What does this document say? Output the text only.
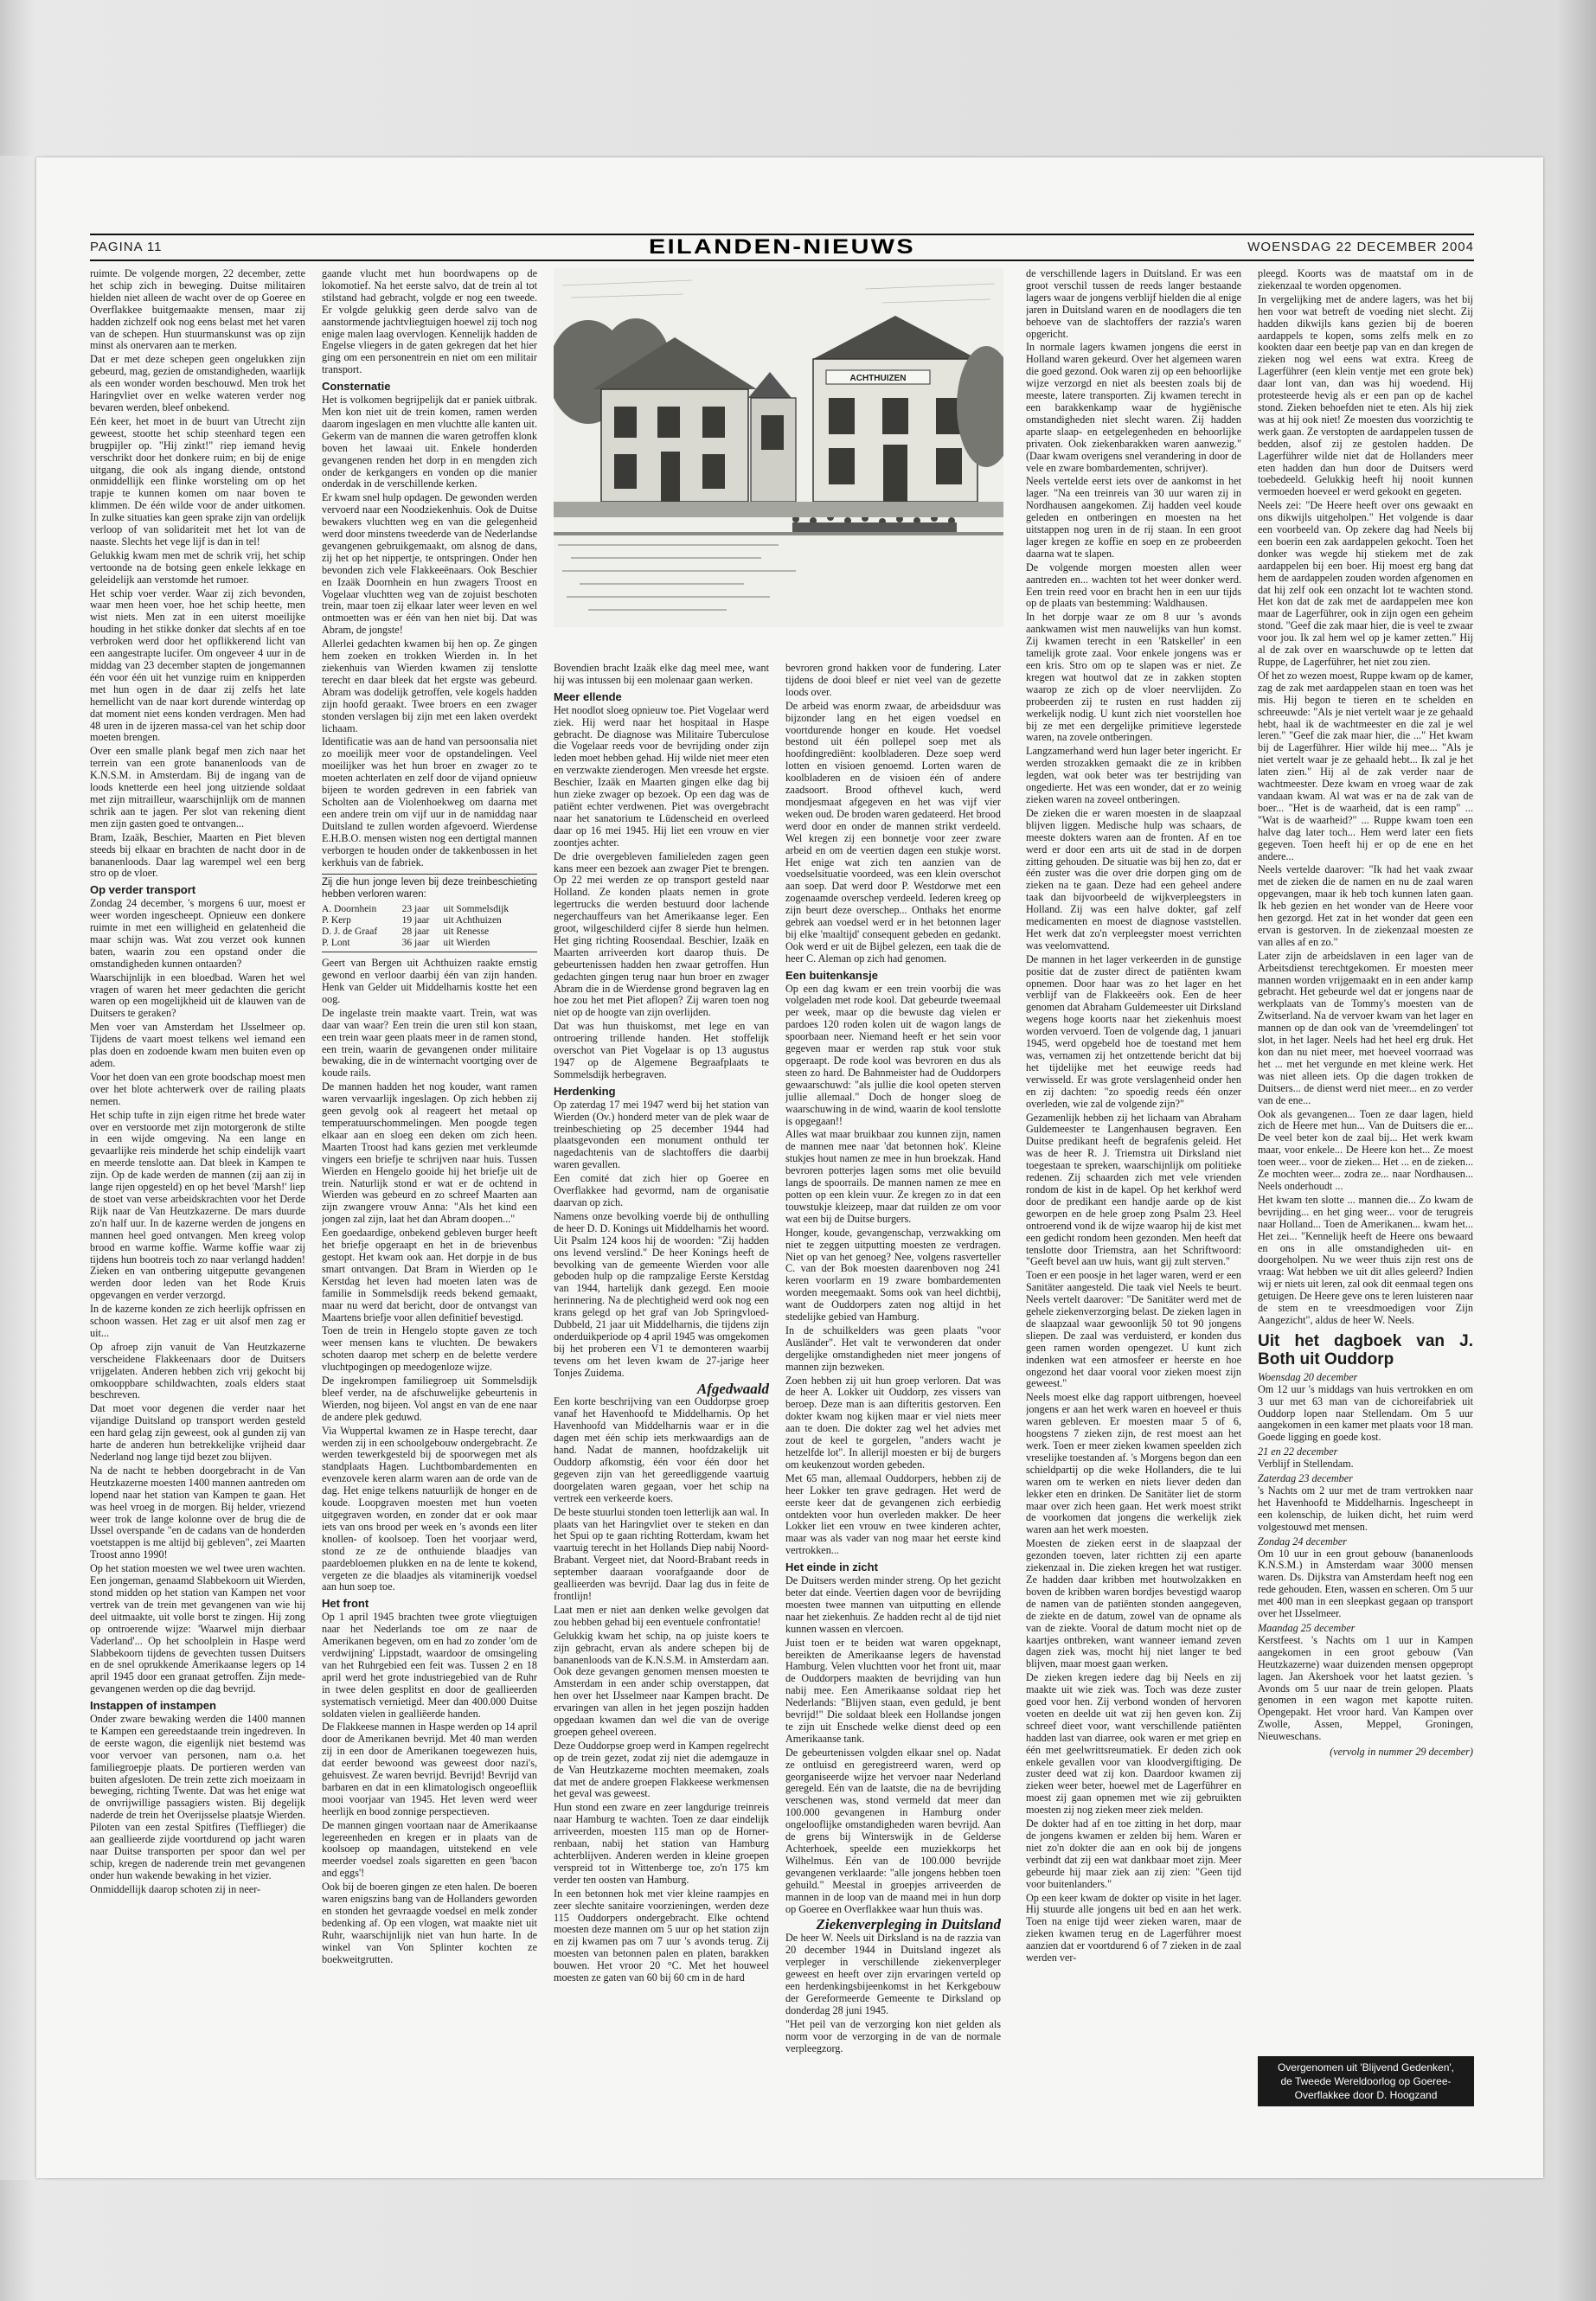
PAGINA 11	EILANDEN-NIEUWS	WOENSDAG 22 DECEMBER 2004

ruimte. De volgende morgen, 22 december, zette het schip zich in beweging. Duitse militairen hielden niet alleen de wacht over de op Goeree en Overflakkee buitgemaakte mensen, maar zij hadden zichzelf ook nog eens belast met het varen van de schepen. Hun stuurmanskunst was op zijn minst als onervaren aan te merken.

Dat er met deze schepen geen ongelukken zijn gebeurd, mag, gezien de omstandigheden, waarlijk als een wonder worden beschouwd. Men trok het Haringvliet over en welke wateren verder nog bevaren werden, bleef onbekend.

Eén keer, het moet in de buurt van Utrecht zijn geweest, stootte het schip steenhard tegen een brugpijler op. "Hij zinkt!" riep iemand hevig verschrikt door het donkere ruim; en bij de enige uitgang, die ook als ingang diende, ontstond onmiddellijk een flinke worsteling om op het trapje te kunnen komen om naar boven te klimmen. De één wilde voor de ander uitkomen. In zulke situaties kan geen sprake zijn van ordelijk verloop of van solidariteit met het lot van de naaste. Slechts het vege lijf is dan in tel!

Gelukkig kwam men met de schrik vrij, het schip vertoonde na de botsing geen enkele lekkage en geleidelijk aan verstomde het rumoer.

Het schip voer verder. Waar zij zich bevonden, waar men heen voer, hoe het schip heette, men wist niets. Men zat in een uiterst moeilijke houding in het stikke donker dat slechts af en toe verbroken werd door het opflikkerend licht van een aangestrapte lucifer. Om ongeveer 4 uur in de middag van 23 december stapten de jongemannen één voor één uit het vunzige ruim en knipperden met hun ogen in de daar zij zelfs het late hemellicht van de naar kort durende winterdag op dat moment niet eens konden verdragen. Men had 48 uren in de ijzeren massa-cel van het schip door moeten brengen.

Over een smalle plank begaf men zich naar het terrein van een grote bananenloods van de K.N.S.M. in Amsterdam. Bij de ingang van de loods knetterde een heel jong uitziende soldaat met zijn mitrailleur, waarschijnlijk om de mannen schrik aan te jagen. Per slot van rekening dient men zijn gasten goed te ontvangen...

Bram, Izaäk, Beschier, Maarten en Piet bleven steeds bij elkaar en brachten de nacht door in de bananenloods. Daar lag warempel wel een berg stro op de vloer.

Op verder transport

Zondag 24 december, 's morgens 6 uur, moest er weer worden ingescheept. Opnieuw een donkere ruimte in met een willigheid en gelatenheid die maar schijn was. Wat zou verzet ook kunnen baten, waarin zou een opstand onder die omstandigheden kunnen ontaarden?

Waarschijnlijk in een bloedbad. Waren het wel vragen of waren het meer gedachten die gericht waren op een mogelijkheid uit de klauwen van de Duitsers te geraken?

Men voer van Amsterdam het IJsselmeer op. Tijdens de vaart moest telkens wel iemand een plas doen en zodoende kwam men buiten even op adem.

Voor het doen van een grote boodschap moest men over het blote achterwerk over de railing plaats nemen.

Het schip tufte in zijn eigen ritme het brede water over en verstoorde met zijn motorgeronk de stilte in een wijde omgeving. Na een lange en gevaarlijke reis minderde het schip eindelijk vaart en meerde tenslotte aan. Dat bleek in Kampen te zijn. Op de kade werden de mannen (zij aan zij in lange rijen opgesteld) en op het bevel 'Marsh!' liep de stoet van verse arbeidskrachten voor het Derde Rijk naar de Van Heutzkazerne. De mars duurde zo'n half uur. In de kazerne werden de jongens en mannen heel goed ontvangen. Men kreeg volop brood en warme koffie. Warme koffie waar zij tijdens hun bootreis toch zo naar verlangd hadden! Zieken en van ontbering uitgeputte gevangenen werden door leden van het Rode Kruis opgevangen en verder verzorgd.

In de kazerne konden ze zich heerlijk opfrissen en schoon wassen. Het zag er uit alsof men zag er uit...

Op afroep zijn vanuit de Van Heutzkazerne verscheidene Flakkeenaars door de Duitsers vrijgelaten. Anderen hebben zich vrij gekocht bij omkooppbare schildwachten, zoals elders staat beschreven.

Dat moet voor degenen die verder naar het vijandige Duitsland op transport werden gesteld een hard gelag zijn geweest, ook al gunden zij van harte de anderen hun betrekkelijke vrijheid daar Nederland nog lange tijd bezet zou blijven.

Na de nacht te hebben doorgebracht in de Van Heutzkazerne moesten 1400 mannen aantreden om lopend naar het station van Kampen te gaan. Het was heel vroeg in de morgen. Bij helder, vriezend weer trok de lange kolonne over de brug die de IJssel overspande "en de cadans van de honderden voetstappen is me altijd bij gebleven", zei Maarten Troost anno 1990!

Op het station moesten we wel twee uren wachten. Een jongeman, genaamd Slabbekoorn uit Wierden, stond midden op het station van Kampen net voor vertrek van de trein met gevangenen van wie hij deel uitmaakte, uit volle borst te zingen. Hij zong op ontroerende wijze: 'Waarwel mijn dierbaar Vaderland'... Op het schoolplein in Haspe werd Slabbekoorn tijdens de gevechten tussen Duitsers en de snel oprukkende Amerikaanse legers op 14 april 1945 door een granaat getroffen. Zijn mede-gevangenen werden op die dag bevrijd.

Instappen of instampen

Onder zware bewaking werden die 1400 mannen te Kampen een gereedstaande trein ingedreven. In de eerste wagon, die eigenlijk niet bestemd was voor vervoer van personen, nam o.a. het familiegroepje plaats. De portieren werden van buiten afgesloten. De trein zette zich moeizaam in beweging, richting Twente. Dat was het enige wat de onvrijwillige passagiers wisten. Bij degelijk naderde de trein het Overijsselse plaatsje Wierden. Piloten van een zestal Spitfires (Tiefflieger) die aan geallieerde zijde voortdurend op jacht waren naar Duitse transporten per spoor dan wel per schip, kregen de naderende trein met gevangenen onder hun wakende bewaking in het vizier.

Onmiddellijk daarop schoten zij in neer-

gaande vlucht met hun boordwapens op de lokomotief. Na het eerste salvo, dat de trein al tot stilstand had gebracht, volgde er nog een tweede. Er volgde gelukkig geen derde salvo van de aanstormende jachtvliegtuigen hoewel zij toch nog enige malen laag overvlogen. Kennelijk hadden de Engelse vliegers in de gaten gekregen dat het hier ging om een personentrein en niet om een militair transport.

Consternatie

Het is volkomen begrijpelijk dat er paniek uitbrak. Men kon niet uit de trein komen, ramen werden daarom ingeslagen en men vluchtte alle kanten uit. Gekerm van de mannen die waren getroffen klonk boven het lawaai uit. Enkele honderden gevangenen renden het dorp in en mengden zich onder de kerkgangers en vonden op die manier onderdak in de verschillende kerken.

Er kwam snel hulp opdagen. De gewonden werden vervoerd naar een Noodziekenhuis. Ook de Duitse bewakers vluchtten weg en van die gelegenheid werd door minstens tweederde van de Nederlandse gevangenen gebruikgemaakt, om alsnog de dans, zij het op het nippertje, te ontspringen. Onder hen bevonden zich vele Flakkeeënaars. Ook Beschier en Izaäk Doornhein en hun zwagers Troost en Vogelaar vluchtten weg van de zojuist beschoten trein, maar toen zij elkaar later weer leven en wel ontmoetten was er één van hen niet bij. Dat was Abram, de jongste!

Allerlei gedachten kwamen bij hen op. Ze gingen hem zoeken en trokken Wierden in. In het ziekenhuis van Wierden kwamen zij tenslotte terecht en daar bleek dat het ergste was gebeurd. Abram was dodelijk getroffen, vele kogels hadden zijn hoofd geraakt. Twee broers en een zwager stonden verslagen bij zijn met een laken overdekt lichaam.

Identificatie was aan de hand van persoonsalia niet zo moeilijk meer voor de opstandelingen. Veel moeilijker was het hun broer en zwager zo te moeten achterlaten en zelf door de vijand opnieuw bijeen te worden gedreven in een fabriek van Scholten aan de Violenhoekweg om daarna met een andere trein om vijf uur in de namiddag naar Duitsland te zullen worden afgevoerd. Wierdense E.H.B.O. mensen wisten nog een dertigtal mannen verborgen te houden onder de takkenbossen in het kerkhuis van de fabriek.

Zij die hun jonge leven bij deze treinbeschieting hebben verloren waren:
A. Doornhein	23 jaar	uit Sommelsdijk
P. Kerp	19 jaar	uit Achthuizen
D. J. de Graaf	28 jaar	uit Renesse
P. Lont	36 jaar	uit Wierden

Geert van Bergen uit Achthuizen raakte ernstig gewond en verloor daarbij één van zijn handen. Henk van Gelder uit Middelharnis kostte het een oog.

De ingelaste trein maakte vaart. Trein, wat was daar van waar? Een trein die uren stil kon staan, een trein waar geen plaats meer in de ramen stond, een trein, waarin de gevangenen onder militaire bewaking, die in de winternacht voortging over de koude rails.

De mannen hadden het nog kouder, want ramen waren vervaarlijk ingeslagen. Op zich hebben zij geen gevolg ook al reageert het metaal op temperatuurschommelingen. Men poogde tegen elkaar aan en sloeg een deken om zich heen. Maarten Troost had kans gezien met verkleumde vingers een briefje te schrijven naar huis. Tussen Wierden en Hengelo gooide hij het briefje uit de trein. Naturlijk stond er wat er de ochtend in Wierden was gebeurd en zo schreef Maarten aan zijn zwangere vrouw Anna: "Als het kind een jongen zal zijn, laat het dan Abram doopen..."

Een goedaardige, onbekend gebleven burger heeft het briefje opgeraapt en het in de brievenbus gestopt. Het kwam ook aan. Het dorpje in de bus smart ontvangen. Dat Bram in Wierden op 1e Kerstdag het leven had moeten laten was de familie in Sommelsdijk reeds bekend gemaakt, maar nu werd dat bericht, door de ontvangst van Maartens briefje voor allen definitief bevestigd.

Toen de trein in Hengelo stopte gaven ze toch weer mensen kans te vluchten. De bewakers schoten daarop met scherp en de belette verdere vluchtpogingen op meedogenloze wijze.

De ingekrompen familiegroep uit Sommelsdijk bleef verder, na de afschuwelijke gebeurtenis in Wierden, nog bijeen. Vol angst en van de ene naar de andere plek geduwd.

Via Wuppertal kwamen ze in Haspe terecht, daar werden zij in een schoolgebouw ondergebracht. Ze werden tewerkgesteld bij de spoorwegen met als standplaats Hagen. Luchtbombardementen en evenzovele keren alarm waren aan de orde van de dag. Het enige telkens natuurlijk de honger en de koude. Loopgraven moesten met hun voeten uitgegraven worden, en zonder dat er ook maar iets van ons brood per week en 's avonds een liter knollen- of koolsoep. Toen het voorjaar werd, stond ze ze de onthuiende blaadjes van paardebloemen plukken en na de lente te kokend, vergeten ze die blaadjes als vitaminerijk voedsel aan hun soep toe.

Het front

Op 1 april 1945 brachten twee grote vliegtuigen naar het Nederlands toe om ze naar de Amerikanen begeven, om en had zo zonder 'om de verdwijning' Lippstadt, waardoor de omsingeling van het Ruhrgebied een feit was. Tussen 2 en 18 april werd het grote industriegebied van de Ruhr in twee delen gesplitst en door de geallieerden systematisch vernietigd. Meer dan 400.000 Duitse soldaten vielen in gealliëerde handen.

De Flakkeese mannen in Haspe werden op 14 april door de Amerikanen bevrijd. Met 40 man werden zij in een door de Amerikanen toegewezen huis, dat eerder bewoond was geweest door nazi's, gehuisvest. Ze waren bevrijd. Bevrijd! Bevrijd van barbaren en dat in een klimatologisch ongeoefliik mooi voorjaar van 1945. Het leven werd weer heerlijk en bood zonnige perspectieven.

De mannen gingen voortaan naar de Amerikaanse legereenheden en kregen er in plaats van de koolsoep op maandagen, uitstekend en vele meerder voedsel zoals sigaretten en geen 'bacon and eggs'!

Ook bij de boeren gingen ze eten halen. De boeren waren enigszins bang van de Hollanders geworden en stonden het gevraagde voedsel en melk zonder bedenking af. Op een vlogen, wat maakte niet uit Ruhr, waarschijnlijk niet van hun harte. In de winkel van Von Splinter kochten ze boekweitgrutten.

ACHTHUIZEN

Bovendien bracht Izaäk elke dag meel mee, want hij was intussen bij een molenaar gaan werken.

Meer ellende

Het noodlot sloeg opnieuw toe. Piet Vogelaar werd ziek. Hij werd naar het hospitaal in Haspe gebracht. De diagnose was Militaire Tuberculose die Vogelaar reeds voor de bevrijding onder zijn leden moet hebben gehad. Hij wilde niet meer eten en verzwakte zienderogen. Men vreesde het ergste. Beschier, Izaäk en Maarten gingen elke dag bij hun zieke zwager op bezoek. Op een dag was de patiënt echter verdwenen. Piet was overgebracht naar het sanatorium te Lüdenscheid en overleed daar op 16 mei 1945. Hij liet een vrouw en vier zoontjes achter.

De drie overgebleven familieleden zagen geen kans meer een bezoek aan zwager Piet te brengen. Op 22 mei werden ze op transport gesteld naar Holland. Ze konden plaats nemen in grote legertrucks die werden bestuurd door lachende negerchauffeurs van het Amerikaanse leger. Een groot, wilgeschilderd cijfer 8 sierde hun helmen. Het ging richting Roosendaal. Beschier, Izaäk en Maarten arriveerden kort daarop thuis. De gebeurtenissen hadden hen zwaar getroffen. Hun gedachten gingen terug naar hun broer en zwager Abram die in de Wierdense grond begraven lag en hoe zou het met Piet aflopen? Zij waren toen nog niet op de hoogte van zijn overlijden.

Dat was hun thuiskomst, met lege en van ontroering trillende handen. Het stoffelijk overschot van Piet Vogelaar is op 13 augustus 1947 op de Algemene Begraafplaats te Sommelsdijk herbegraven.

Herdenking

Op zaterdag 17 mei 1947 werd bij het station van Wierden (Ov.) honderd meter van de plek waar de treinbeschieting op 25 december 1944 had plaatsgevonden een monument onthuld ter nagedachtenis van de slachtoffers die daarbij waren gevallen.

Een comité dat zich hier op Goeree en Overflakkee had gevormd, nam de organisatie daarvan op zich.

Namens onze bevolking voerde bij de onthulling de heer D. D. Konings uit Middelharnis het woord. Uit Psalm 124 koos hij de woorden: "Zij hadden ons levend verslind." De heer Konings heeft de bevolking van de gemeente Wierden voor alle geboden hulp op die rampzalige Eerste Kerstdag van 1944, hartelijk dank gezegd. Een mooie herinnering. Na de plechtigheid werd ook nog een krans gelegd op het graf van Job Springvloed-Dubbeld, 21 jaar uit Middelharnis, die tijdens zijn onderduikperiode op 4 april 1945 was omgekomen bij het proberen een V1 te demonteren waarbij tevens om het leven kwam de 27-jarige heer Tonjes Zuidema.

Afgedwaald

Een korte beschrijving van een Ouddorpse groep vanaf het Havenhoofd te Middelharnis. Op het Havenhoofd van Middelharnis waar er in die dagen met één schip iets merkwaardigs aan de hand. Nadat de mannen, hoofdzakelijk uit Ouddorp afkomstig, één voor één door het gegeven zijn van het gereedliggende vaartuig doorgelaten waren gegaan, voer het schip na vertrek een verkeerde koers.

De beste stuurlui stonden toen letterlijk aan wal. In plaats van het Haringvliet over te steken en dan het Spui op te gaan richting Rotterdam, kwam het vaartuig terecht in het Hollands Diep nabij Noord-Brabant. Vergeet niet, dat Noord-Brabant reeds in september daaraan voorafgaande door de geallieerden was bevrijd. Daar lag dus in feite de frontlijn!

Laat men er niet aan denken welke gevolgen dat zou hebben gehad bij een eventuele confrontatie!

Gelukkig kwam het schip, na op juiste koers te zijn gebracht, ervan als andere schepen bij de bananenloods van de K.N.S.M. in Amsterdam aan. Ook deze gevangen genomen mensen moesten te Amsterdam in een ander schip overstappen, dat hen over het IJsselmeer naar Kampen bracht. De ervaringen van allen in het jegen poszijn hadden opgedaan kwamen dan wel die van de overige groepen geheel overeen.

Deze Ouddorpse groep werd in Kampen regelrecht op de trein gezet, zodat zij niet die ademgauze in de Van Heutzkazerne mochten meemaken, zoals dat met de andere groepen Flakkeese werkmensen het geval was geweest.

Hun stond een zware en zeer langdurige treinreis naar Hamburg te wachten. Toen ze daar eindelijk arriveerden, moesten 115 man op de Horner-renbaan, nabij het station van Hamburg achterblijven. Anderen werden in kleine groepen verspreid tot in Wittenberge toe, zo'n 175 km verder ten oosten van Hamburg.

In een betonnen hok met vier kleine raampjes en zeer slechte sanitaire voorzieningen, werden deze 115 Ouddorpers ondergebracht. Elke ochtend moesten deze mannen om 5 uur op het station zijn en zij kwamen pas om 7 uur 's avonds terug. Zij moesten van betonnen palen en platen, barakken bouwen. Het vroor 20 °C. Met het houweel moesten ze gaten van 60 bij 60 cm in de hard

bevroren grond hakken voor de fundering. Later tijdens de dooi bleef er niet veel van de gezette loods over.

De arbeid was enorm zwaar, de arbeidsduur was bijzonder lang en het eigen voedsel en voortdurende honger en koude. Het voedsel bestond uit één pollepel soep met als hoofdingrediënt: koolbladeren. Deze soep werd lotten en visioen genoemd. Lorten waren de koolbladeren en de visioen één of andere zaadsoort. Brood ofthevel kuch, werd mondjesmaat afgegeven en het was vijf vier weken oud. De broden waren gedateerd. Het brood werd door en onder de mannen strikt verdeeld. Wel kregen zij een bonnetje voor zeer zware arbeid en om de veertien dagen een stukje worst. Het enige wat zich ten aanzien van de voedselsituatie voordeed, was een klein overschot aan soep. Dat werd door P. Westdorwe met een zogenaamde overschep verdeeld. Iederen kreeg op zijn beurt deze overschep... Onthaks het enorme gebrek aan voedsel werd er in het betonnen lager bij elke 'maaltijd' consequent gebeden en gedankt. Ook werd er uit de Bijbel gelezen, een taak die de heer C. Aleman op zich had genomen.

Een buitenkansje

Op een dag kwam er een trein voorbij die was volgeladen met rode kool. Dat gebeurde tweemaal per week, maar op die bewuste dag vielen er pardoes 120 roden kolen uit de wagon langs de spoorbaan neer. Niemand heeft er het sein voor gegeven maar er werden rap stuk voor stuk opgeraapt. De rode kool was bevroren en dus als steen zo hard. De Bahnmeister had de Ouddorpers gewaarschuwd: "als jullie die kool opeten sterven jullie allemaal." Doch de honger sloeg de waarschuwing in de wind, waarin de kool tenslotte is opgegaan!!

Alles wat maar bruikbaar zou kunnen zijn, namen de mannen mee naar 'dat betonnen hok'. Kleine stukjes hout namen ze mee in hun broekzak. Hand bevroren potterjes lagen soms met olie bevuild langs de spoorrails. De mannen namen ze mee en potten op een klein vuur. Ze kregen zo in dat een touwstukje kleizeep, maar dat ruilden ze om voor wat een bij de Duitse burgers.

Honger, koude, gevangenschap, verzwakking om niet te zeggen uitputting moesten ze verdragen. Niet op van het genoeg? Nee, volgens rasverteller C. van der Bok moesten daarenboven nog 241 keren voorlarm en 19 zware bombardementen worden meegemaakt. Soms ook van heel dichtbij, want de Ouddorpers zaten nog altijd in het stedelijke gebied van Hamburg.

In de schuilkelders was geen plaats "voor Ausländer". Het valt te verwonderen dat onder dergelijke omstandigheden niet meer jongens of mannen zijn bezweken.

Zoen hebben zij uit hun groep verloren. Dat was de heer A. Lokker uit Ouddorp, zes vissers van beroep. Deze man is aan difteritis gestorven. Een dokter kwam nog kijken maar er viel niets meer aan te doen. Die dokter zag wel het advies met zout de keel te gorgelen, "anders wacht je hetzelfde lot". In allerijl moesten er bij de burgers om keukenzout worden gebeden.

Met 65 man, allemaal Ouddorpers, hebben zij de heer Lokker ten grave gedragen. Het werd de eerste keer dat de gevangenen zich eerbiedig ontdekten voor hun overleden makker. De heer Lokker liet een vrouw en twee kinderen achter, maar was als vader van nog maar het eerste kind vertrokken...

Het einde in zicht

De Duitsers werden minder streng. Op het gezicht beter dat einde. Veertien dagen voor de bevrijding moesten twee mannen van uitputting en ellende naar het ziekenhuis. Ze hadden recht al de tijd niet kunnen wassen en vlercoen.

Juist toen er te beiden wat waren opgeknapt, bereikten de Amerikaanse legers de havenstad Hamburg. Velen vluchtten voor het front uit, maar de Ouddorpers maakten de bevrijding van hun nabij mee. Een Amerikaanse soldaat riep het Nederlands: "Blijven staan, even geduld, je bent bevrijd!" Die soldaat bleek een Hollandse jongen te zijn uit Enschede welke dienst deed op een Amerikaanse tank.

De gebeurtenissen volgden elkaar snel op. Nadat ze ontluisd en geregistreerd waren, werd op georganiseerde wijze het vervoer naar Nederland geregeld. Eén van de laatste, die na de bevrijding verschenen was, stond vermeld dat meer dan 100.000 gevangenen in Hamburg onder ongelooflijke omstandigheden waren bevrijd. Aan de grens bij Winterswijk in de Gelderse Achterhoek, speelde een muziekkorps het Wilhelmus. Eén van de 100.000 bevrijde gevangenen verklaarde: "alle jongens hebben toen gehuild." Meestal in groepjes arriveerden de mannen in de loop van de maand mei in hun dorp op Goeree en Overflakkee waar hun thuis was.

Ziekenverpleging in Duitsland

De heer W. Neels uit Dirksland is na de razzia van 20 december 1944 in Duitsland ingezet als verpleger in verschillende ziekenverpleger geweest en heeft over zijn ervaringen verteld op een herdenkingsbijeenkomst in het Kerkgebouw der Gereformeerde Gemeente te Dirksland op donderdag 28 juni 1945.

"Het peil van de verzorging kon niet gelden als norm voor de verzorging in de van de normale verpleegzorg.

de verschillende lagers in Duitsland. Er was een groot verschil tussen de reeds langer bestaande lagers waar de jongens verblijf hielden die al enige jaren in Duitsland waren en de noodlagers die ten behoeve van de slachtoffers der razzia's waren opgericht.

In normale lagers kwamen jongens die eerst in Holland waren gekeurd. Over het algemeen waren die goed gezond. Ook waren zij op een behoorlijke wijze verzorgd en niet als beesten zoals bij de meeste, latere transporten. Zij kwamen terecht in een barakkenkamp waar de hygiënische omstandigheden niet slecht waren. Zij hadden aparte slaap- en eetgelegenheden en behoorlijke privaten. Ook ziekenbarakken waren aanwezig." (Daar kwam overigens snel verandering in door de vele en zware bombardementen, schrijver).

Neels vertelde eerst iets over de aankomst in het lager. "Na een treinreis van 30 uur waren zij in Nordhausen aangekomen. Zij hadden veel koude geleden en ontberingen en moesten na het uitstappen nog uren in de rij staan. In een groot lager kregen ze koffie en soep en ze probeerden daarna wat te slapen.

De volgende morgen moesten allen weer aantreden en... wachten tot het weer donker werd. Een trein reed voor en bracht hen in een uur tijds op de plaats van bestemming: Waldhausen.

In het dorpje waar ze om 8 uur 's avonds aankwamen wist men nauwelijks van hun komst. Zij kwamen terecht in een 'Ratskeller' in een tamelijk grote zaal. Voor enkele jongens was er een kris. Stro om op te slapen was er niet. Ze kregen wat houtwol dat ze in zakken stopten waarop ze zich op de vloer neervlijden. Zo probeerden zij te rusten en rust hadden zij werkelijk nodig. U kunt zich niet voorstellen hoe bij ze met een dergelijke primitieve legerstede waren, na zovele ontberingen.

Langzamerhand werd hun lager beter ingericht. Er werden strozakken gemaakt die ze in kribben legden, wat ook beter was ter bestrijding van ongedierte. Het was een wonder, dat er zo weinig zieken waren na zoveel ontberingen.

De zieken die er waren moesten in de slaapzaal blijven liggen. Medische hulp was schaars, de meeste dokters waren aan de fronten. Af en toe werd er door een arts uit de stad in de dorpen zitting gehouden. De situatie was bij hen zo, dat er één zuster was die over drie dorpen ging om de zieken na te gaan. Deze had een geheel andere taak dan bijvoorbeeld de wijkverpleegsters in Holland. Zij was een halve dokter, gaf zelf medicamenten en moest de diagnose vaststellen. Het werk dat zo'n verpleegster moest verrichten was veelomvattend.

De mannen in het lager verkeerden in de gunstige positie dat de zuster direct de patiënten kwam opnemen. Door haar was zo het lager en het verblijf van de Flakkeeërs ook. Een de heer genomen dat Abraham Guldemeester uit Dirksland wegens hoge koorts naar het ziekenhuis moest worden vervoerd. Toen de volgende dag, 1 januari 1945, werd opgebeld hoe de toestand met hem was, vernamen zij het ontzettende bericht dat bij het tijdelijke met het eeuwige reeds had verwisseld. Er was grote verslagenheid onder hen en zij dachten: "zo spoedig reeds één onzer overleden, wie zal de volgende zijn?"

Gezamenlijk hebben zij het lichaam van Abraham Guldemeester te Langenhausen begraven. Een Duitse predikant heeft de begrafenis geleid. Het was de heer R. J. Triemstra uit Dirksland niet toegestaan te spreken, waarschijnlijk om politieke redenen. Zij schaarden zich met vele vrienden rondom de kist in de kapel. Op het kerkhof werd door de predikant een handje aarde op de kist geworpen en de hele groep zong Psalm 23. Heel ontroerend vond ik de wijze waarop hij de kist met een gedicht rondom heen gezonden. Men heeft dat tenslotte door Triemstra, aan het Schriftwoord: "Geeft bevel aan uw huis, want gij zult sterven."

Toen er een poosje in het lager waren, werd er een Sanitäter aangesteld. Die taak viel Neels te beurt. Neels vertelt daarover: "De Sanitäter werd met de gehele ziekenverzorging belast. De zieken lagen in de slaapzaal waar gewoonlijk 50 tot 90 jongens sliepen. De zaal was verduisterd, er konden dus geen ramen worden opengezet. U kunt zich indenken wat een atmosfeer er heerste en hoe ongezond het daar vooral voor zieken moest zijn geweest."

Neels moest elke dag rapport uitbrengen, hoeveel jongens er aan het werk waren en hoeveel er thuis waren gebleven. Er moesten maar 5 of 6, hoogstens 7 zieken zijn, de rest moest aan het werk. Toen er meer zieken kwamen speelden zich vreselijke toestanden af. 's Morgens begon dan een schieldpartij op die weke Hollanders, die te lui waren om te werken en niets liever deden dan lekker eten en drinken. De Sanitäter liet de storm maar over zich heen gaan. Het werk moest strikt de voorkomen dat jongens die werkelijk ziek waren aan het werk moesten.

Moesten de zieken eerst in de slaapzaal der gezonden toeven, later richtten zij een aparte ziekenzaal in. Die zieken kregen het wat rustiger. Ze hadden daar kribben met houtwolzakken en boven de kribben waren bordjes bevestigd waarop de namen van de patiënten stonden aangegeven, de ziekte en de datum, zowel van de opname als van de ziekte. Vooral de datum mocht niet op de kaartjes ontbreken, want wanneer iemand zeven dagen ziek was, mocht hij niet langer te bed blijven, maar moest gaan werken.

De zieken kregen iedere dag bij Neels en zij maakte uit wie ziek was. Toch was deze zuster goed voor hen. Zij verbond wonden of hervoren voeten en deelde uit wat zij hen geven kon. Zij schreef dieet voor, want verschillende patiënten hadden last van diarree, ook waren er met griep en één met geelwrittsreumatiek. Er deden zich ook enkele gevallen voor van kloodvergiftiging. De zuster deed wat zij kon. Daardoor kwamen zij zieken weer beter, hoewel met de Lagerführer en moest zij gaan opnemen met wie zij gebruikten moesten zij nog zieken meer ziek melden.

De dokter had af en toe zitting in het dorp, maar de jongens kwamen er zelden bij hem. Waren er niet zo'n dokter die aan en ook bij de jongens verbindt dat zij een wat dankbaar moet zijn. Meer gebeurde hij maar ziek aan zij zien: "Geen tijd voor buitenlanders."

Op een keer kwam de dokter op visite in het lager. Hij stuurde alle jongens uit bed en aan het werk. Toen na enige tijd weer zieken waren, maar de zieken kwamen terug en de Lagerführer moest aanzien dat er voortdurend 6 of 7 zieken in de zaal werden ver-

pleegd. Koorts was de maatstaf om in de ziekenzaal te worden opgenomen.

In vergelijking met de andere lagers, was het bij hen voor wat betreft de voeding niet slecht. Zij hadden dikwijls kans gezien bij de boeren aardappels te kopen, soms zelfs melk en zo kookten daar een beetje pap van en dan kregen de zieken nog wel eens wat extra. Kreeg de Lagerführer (een klein ventje met een grote bek) daar lont van, dan was hij woedend. Hij protesteerde hevig als er een pan op de kachel stond. Zieken behoefden niet te eten. Als hij ziek was at hij ook niet! Ze moesten dus voorzichtig te werk gaan. Ze verstopten de aardappelen tussen de bedden, alsof zij ze gestolen hadden. De Lagerführer wilde niet dat de Hollanders meer eten hadden dan hun door de Duitsers werd toebedeeld. Gelukkig heeft hij nooit kunnen vermoeden hoeveel er werd gekookt en gegeten.

Neels zei: "De Heere heeft over ons gewaakt en ons dikwijls uitgeholpen." Het volgende is daar een voorbeeld van. Op zekere dag had Neels bij een boerin een zak aardappelen gekocht. Toen het donker was wegde hij stiekem met de zak aardappelen bij een boer. Hij moest erg bang dat hem de aardappelen zouden worden afgenomen en dat hij zelf ook een onzacht lot te wachten stond. Het kon dat de zak met de aardappelen mee kon maar de Lagerführer, ook in zijn ogen een geheim stond. "Geef die zak maar hier, die is veel te zwaar voor jou. Ik zal hem wel op je kamer zetten." Hij al de zak over en waarschuwde op te letten dat Ruppe, de Lagerführer, het niet zou zien.

Of het zo wezen moest, Ruppe kwam op de kamer, zag de zak met aardappelen staan en toen was het mis. Hij begon te tieren en te schelden en schreeuwde: "Als je niet vertelt waar je ze gehaald hebt, haal ik de wachtmeester en die zal je wel leren." "Geef die zak maar hier, die ..." Het kwam bij de Lagerführer. Hier wilde hij mee... "Als je niet vertelt waar je ze gehaald hebt... Ik zal je het laten zien." Hij al de zak verder naar de wachtmeester. Deze kwam en vroeg waar de zak vandaan kwam. Al wat was er na de zak van de boer... "Het is de waarheid, dat is een ramp" ... "Wat is de waarheid?" ... Ruppe kwam toen een halve dag later toch... Hem werd later een fiets gegeven. Toen heeft hij er op de ene en het andere...

Neels vertelde daarover: "Ik had het vaak zwaar met de zieken die de namen en nu de zaal waren opgevangen, maar ik heb toch kunnen laten gaan. Ik heb gezien en het wonder van de Heere voor hen gezorgd. Het zat in het wonder dat geen een ervan is gestorven. In de ziekenzaal moesten ze van alles af en zo."

Later zijn de arbeidslaven in een lager van de Arbeitsdienst terechtgekomen. Er moesten meer mannen worden vrijgemaakt en in een ander kamp gebracht. Het gebeurde wel dat er jongens naar de werkplaats van de Tommy's moesten van de Zwitserland. Na de vervoer kwam van het lager en mannen op de dan ook van de 'vreemdelingen' tot slot, in het lager. Neels had het heel erg druk. Het kon dan nu niet meer, met hoeveel voorraad was het ... met het vergunde en met kleine werk. Het was niet alleen iets. Op die dagen trokken de Duitsers... de dienst werd niet meer... en zo verder van de ene...

Ook als gevangenen... Toen ze daar lagen, hield zich de Heere met hun... Van de Duitsers die er... De veel beter kon de zaal bij... Het werk kwam maar, voor enkele... De Heere kon het... Ze moest toen weer... voor de zieken... Het ... en de zieken... Ze mochten weer... zodra ze... naar Nordhausen... Neels onderhoudt ...

Het kwam ten slotte ... mannen die... Zo kwam de bevrijding... en het ging weer... voor de terugreis naar Holland... Toen de Amerikanen... kwam het... Het zei... "Kennelijk heeft de Heere ons bewaard en ons in alle omstandigheden uit- en doorgeholpen. Nu we weer thuis zijn rest ons de vraag: Wat hebben we uit dit alles geleerd? Indien wij er niets uit leren, zal ook dit eenmaal tegen ons getuigen. De Heere geve ons te leren luisteren naar de stem en te vreesdmoedigen voor Zijn Aangezicht", aldus de heer W. Neels.

Uit het dagboek van J. Both uit Ouddorp
Woensdag 20 december

Om 12 uur 's middags van huis vertrokken en om 3 uur met 63 man van de cichoreifabriek uit Ouddorp lopen naar Stellendam. Om 5 uur aangekomen in een kamer met plaats voor 18 man. Goede ligging en goede kost.

21 en 22 december

Verblijf in Stellendam.

Zaterdag 23 december

's Nachts om 2 uur met de tram vertrokken naar het Havenhoofd te Middelharnis. Ingescheept in een kolenschip, de luiken dicht, het ruim werd volgestouwd met mensen.

Zondag 24 december

Om 10 uur in een grout gebouw (bananenloods K.N.S.M.) in Amsterdam waar 3000 mensen waren. Ds. Dijkstra van Amsterdam heeft nog een rede gehouden. Eten, wassen en scheren. Om 5 uur met 400 man in een sleepkast gegaan op transport over het IJsselmeer.

Maandag 25 december

Kerstfeest. 's Nachts om 1 uur in Kampen aangekomen in een groot gebouw (Van Heutzkazerne) waar duizenden mensen opgepropt lagen. Jan Akershoek voor het laatst gezien. 's Avonds om 5 uur naar de trein gelopen. Plaats genomen in een wagon met kapotte ruiten. Opengepakt. Het vroor hard. Van Kampen over Zwolle, Assen, Meppel, Groningen, Nieuweschans.

(vervolg in nummer 29 december)
Overgenomen uit 'Blijvend Gedenken',
de Tweede Wereldoorlog op Goeree-
Overflakkee door D. Hoogzand
